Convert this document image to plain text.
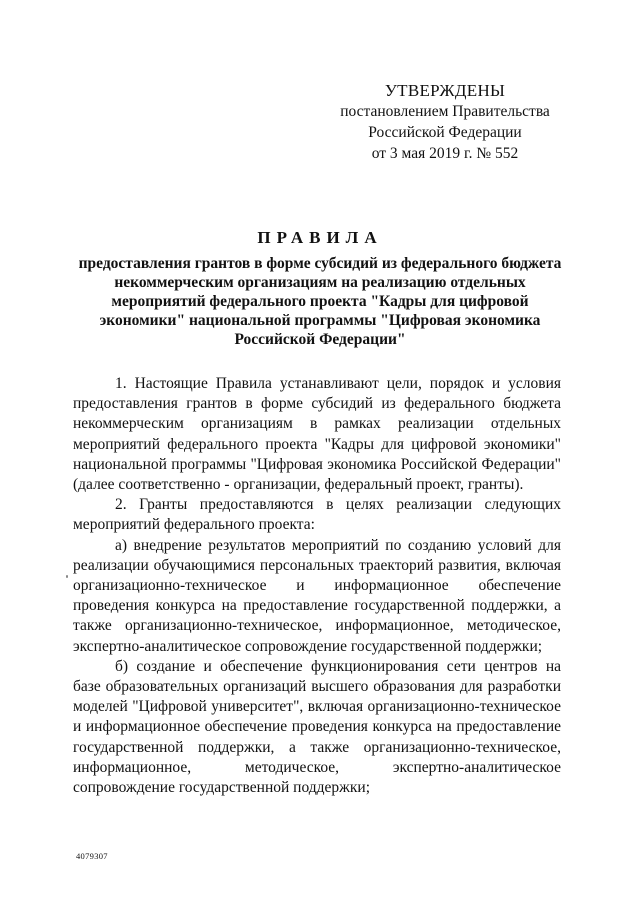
УТВЕРЖДЕНЫ
постановлением Правительства
Российской Федерации
от 3 мая 2019 г. № 552
ПРАВИЛА
предоставления грантов в форме субсидий из федерального бюджета некоммерческим организациям на реализацию отдельных мероприятий федерального проекта "Кадры для цифровой экономики" национальной программы "Цифровая экономика Российской Федерации"

1. Настоящие Правила устанавливают цели, порядок и условия предоставления грантов в форме субсидий из федерального бюджета некоммерческим организациям в рамках реализации отдельных мероприятий федерального проекта "Кадры для цифровой экономики" национальной программы "Цифровая экономика Российской Федерации" (далее соответственно - организации, федеральный проект, гранты).

2. Гранты предоставляются в целях реализации следующих мероприятий федерального проекта:

а) внедрение результатов мероприятий по созданию условий для реализации обучающимися персональных траекторий развития, включая организационно-техническое и информационное обеспечение проведения конкурса на предоставление государственной поддержки, а также организационно-техническое, информационное, методическое, экспертно-аналитическое сопровождение государственной поддержки;

б) создание и обеспечение функционирования сети центров на базе образовательных организаций высшего образования для разработки моделей "Цифровой университет", включая организационно-техническое и информационное обеспечение проведения конкурса на предоставление государственной поддержки, а также организационно-техническое, информационное, методическое, экспертно-аналитическое сопровождение государственной поддержки;

4079307
